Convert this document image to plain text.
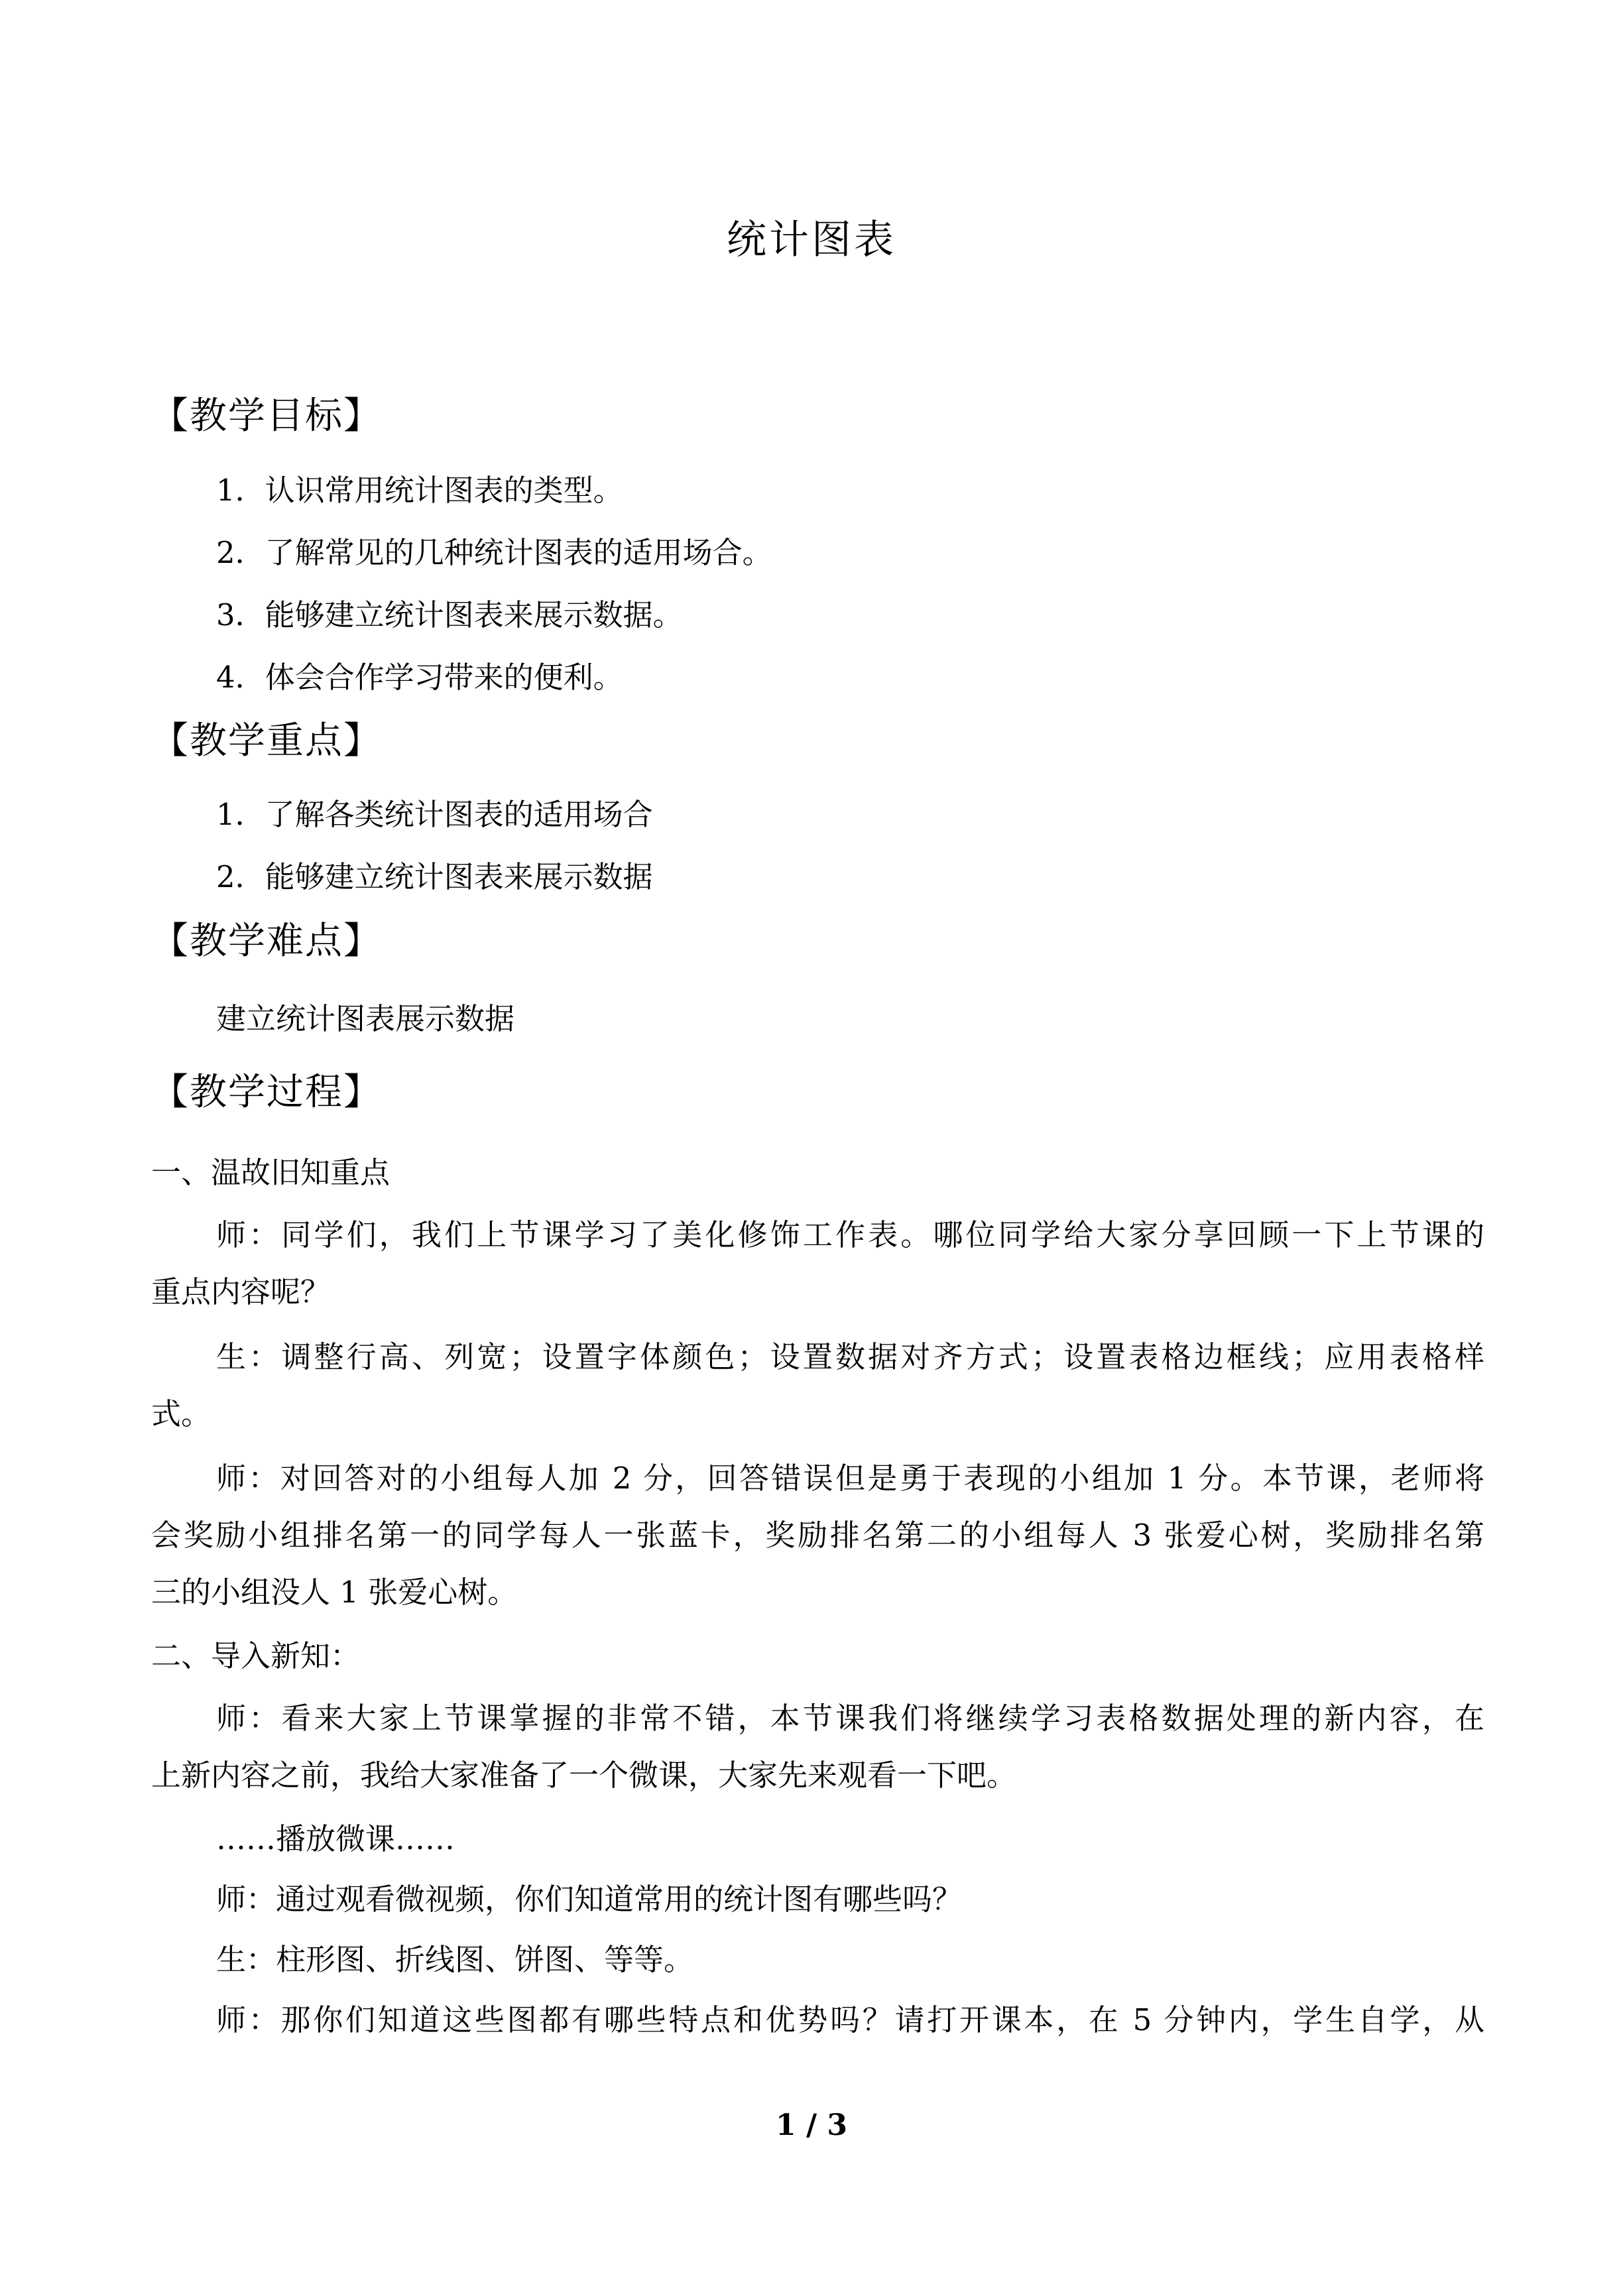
统计图表
【教学目标】
1．认识常用统计图表的类型。
2．了解常见的几种统计图表的适用场合。
3．能够建立统计图表来展示数据。
4．体会合作学习带来的便利。
【教学重点】
1．了解各类统计图表的适用场合
2．能够建立统计图表来展示数据
【教学难点】
建立统计图表展示数据
【教学过程】
一、温故旧知重点
师：同学们，我们上节课学习了美化修饰工作表。哪位同学给大家分享回顾一下上节课的
重点内容呢？
生：调整行高、列宽；设置字体颜色；设置数据对齐方式；设置表格边框线；应用表格样
式。
师：对回答对的小组每人加 2 分，回答错误但是勇于表现的小组加 1 分。本节课，老师将
会奖励小组排名第一的同学每人一张蓝卡，奖励排名第二的小组每人 3 张爱心树，奖励排名第
三的小组没人 1 张爱心树。
二、导入新知：
师：看来大家上节课掌握的非常不错，本节课我们将继续学习表格数据处理的新内容，在
上新内容之前，我给大家准备了一个微课，大家先来观看一下吧。
……播放微课……
师：通过观看微视频，你们知道常用的统计图有哪些吗？
生：柱形图、折线图、饼图、等等。
师：那你们知道这些图都有哪些特点和优势吗？请打开课本，在 5 分钟内，学生自学，从
1 / 3
